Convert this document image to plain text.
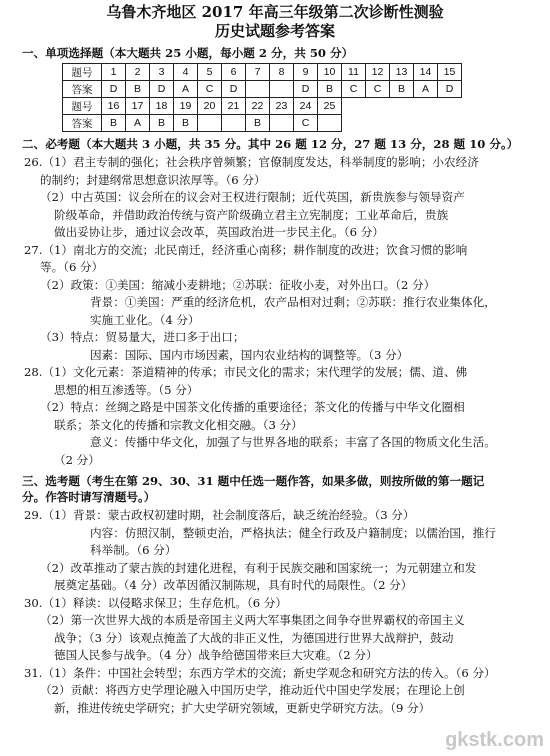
乌鲁木齐地区 2017 年高三年级第二次诊断性测验
历史试题参考答案
一、单项选择题（本大题共 25 小题，每小题 2 分，共 50 分）
题号	1	2	3	4	5	6	7	8	9	10	11	12	13	14	15
答案	D	B	D	A	C	D			D	B	C	C	B	A	D
题号	16	17	18	19	20	21	22	23	24	25					
答案	B	A	B	B			B		C						
二、必考题（本大题共 3 小题，共 35 分。其中 26 题 12 分，27 题 13 分，28 题 10 分。）
26.（1）君主专制的强化；社会秩序曾频繁；官僚制度发达，科举制度的影响；小农经济
的制约；封建纲常思想意识浓厚等。（6 分）
（2）中古英国：议会所在的议会对王权进行限制；近代英国，新贵族参与领导资产
阶级革命，并借助政治传统与资产阶级确立君主立宪制度；工业革命后，贵族
做出妥协让步，通过议会改革，英国政治进一步民主化。（6 分）
27.（1）南北方的交流；北民南迁，经济重心南移；耕作制度的改进；饮食习惯的影响
等。（6 分）
（2）政策：①美国：缩减小麦耕地；②苏联：征收小麦，对外出口。（2 分）
背景：①美国：严重的经济危机，农产品相对过剩；②苏联：推行农业集体化，
实施工业化。（4 分）
（3）特点：贸易量大，进口多于出口；
因素：国际、国内市场因素，国内农业结构的调整等。（3 分）
28.（1）文化元素：茶道精神的传承；市民文化的需求；宋代理学的发展；儒、道、佛
思想的相互渗透等。（5 分）
（2）特点：丝绸之路是中国茶文化传播的重要途径；茶文化的传播与中华文化圈相
联系；茶文化的传播和宗教文化相交融。（3 分）
意义：传播中华文化，加强了与世界各地的联系；丰富了各国的物质文化生活。
（2 分）
三、选考题（考生在第 29、30、31 题中任选一题作答，如果多做，则按所做的第一题记
分。作答时请写清题号。）
29.（1）背景：蒙古政权初建时期，社会制度落后，缺乏统治经验。（3 分）
内容：仿照汉制，整顿吏治，严格执法；健全行政及户籍制度；以儒治国，推行
科举制。（6 分）
（2）改革推动了蒙古族的封建化进程，有利于民族交融和国家统一；为元朝建立和发
展奠定基础。（4 分）改革因循汉制陈规，具有时代的局限性。（2 分）
30.（1）释读：以侵略求保卫；生存危机。（6 分）
（2）第一次世界大战的本质是帝国主义两大军事集团之间争夺世界霸权的帝国主义
战争；（3 分）该观点掩盖了大战的非正义性，为德国进行世界大战辩护，鼓动
德国人民参与战争。（4 分）战争给德国带来巨大灾难。（2 分）
31.（1）条件：中国社会转型；东西方学术的交流；新史学观念和研究方法的传入。（6 分）
（2）贡献：将西方史学理论融入中国历史学，推动近代中国史学发展；在理论上创
新，推进传统史学研究；扩大史学研究领域，更新史学研究方法。（9 分）
gkstk.com
